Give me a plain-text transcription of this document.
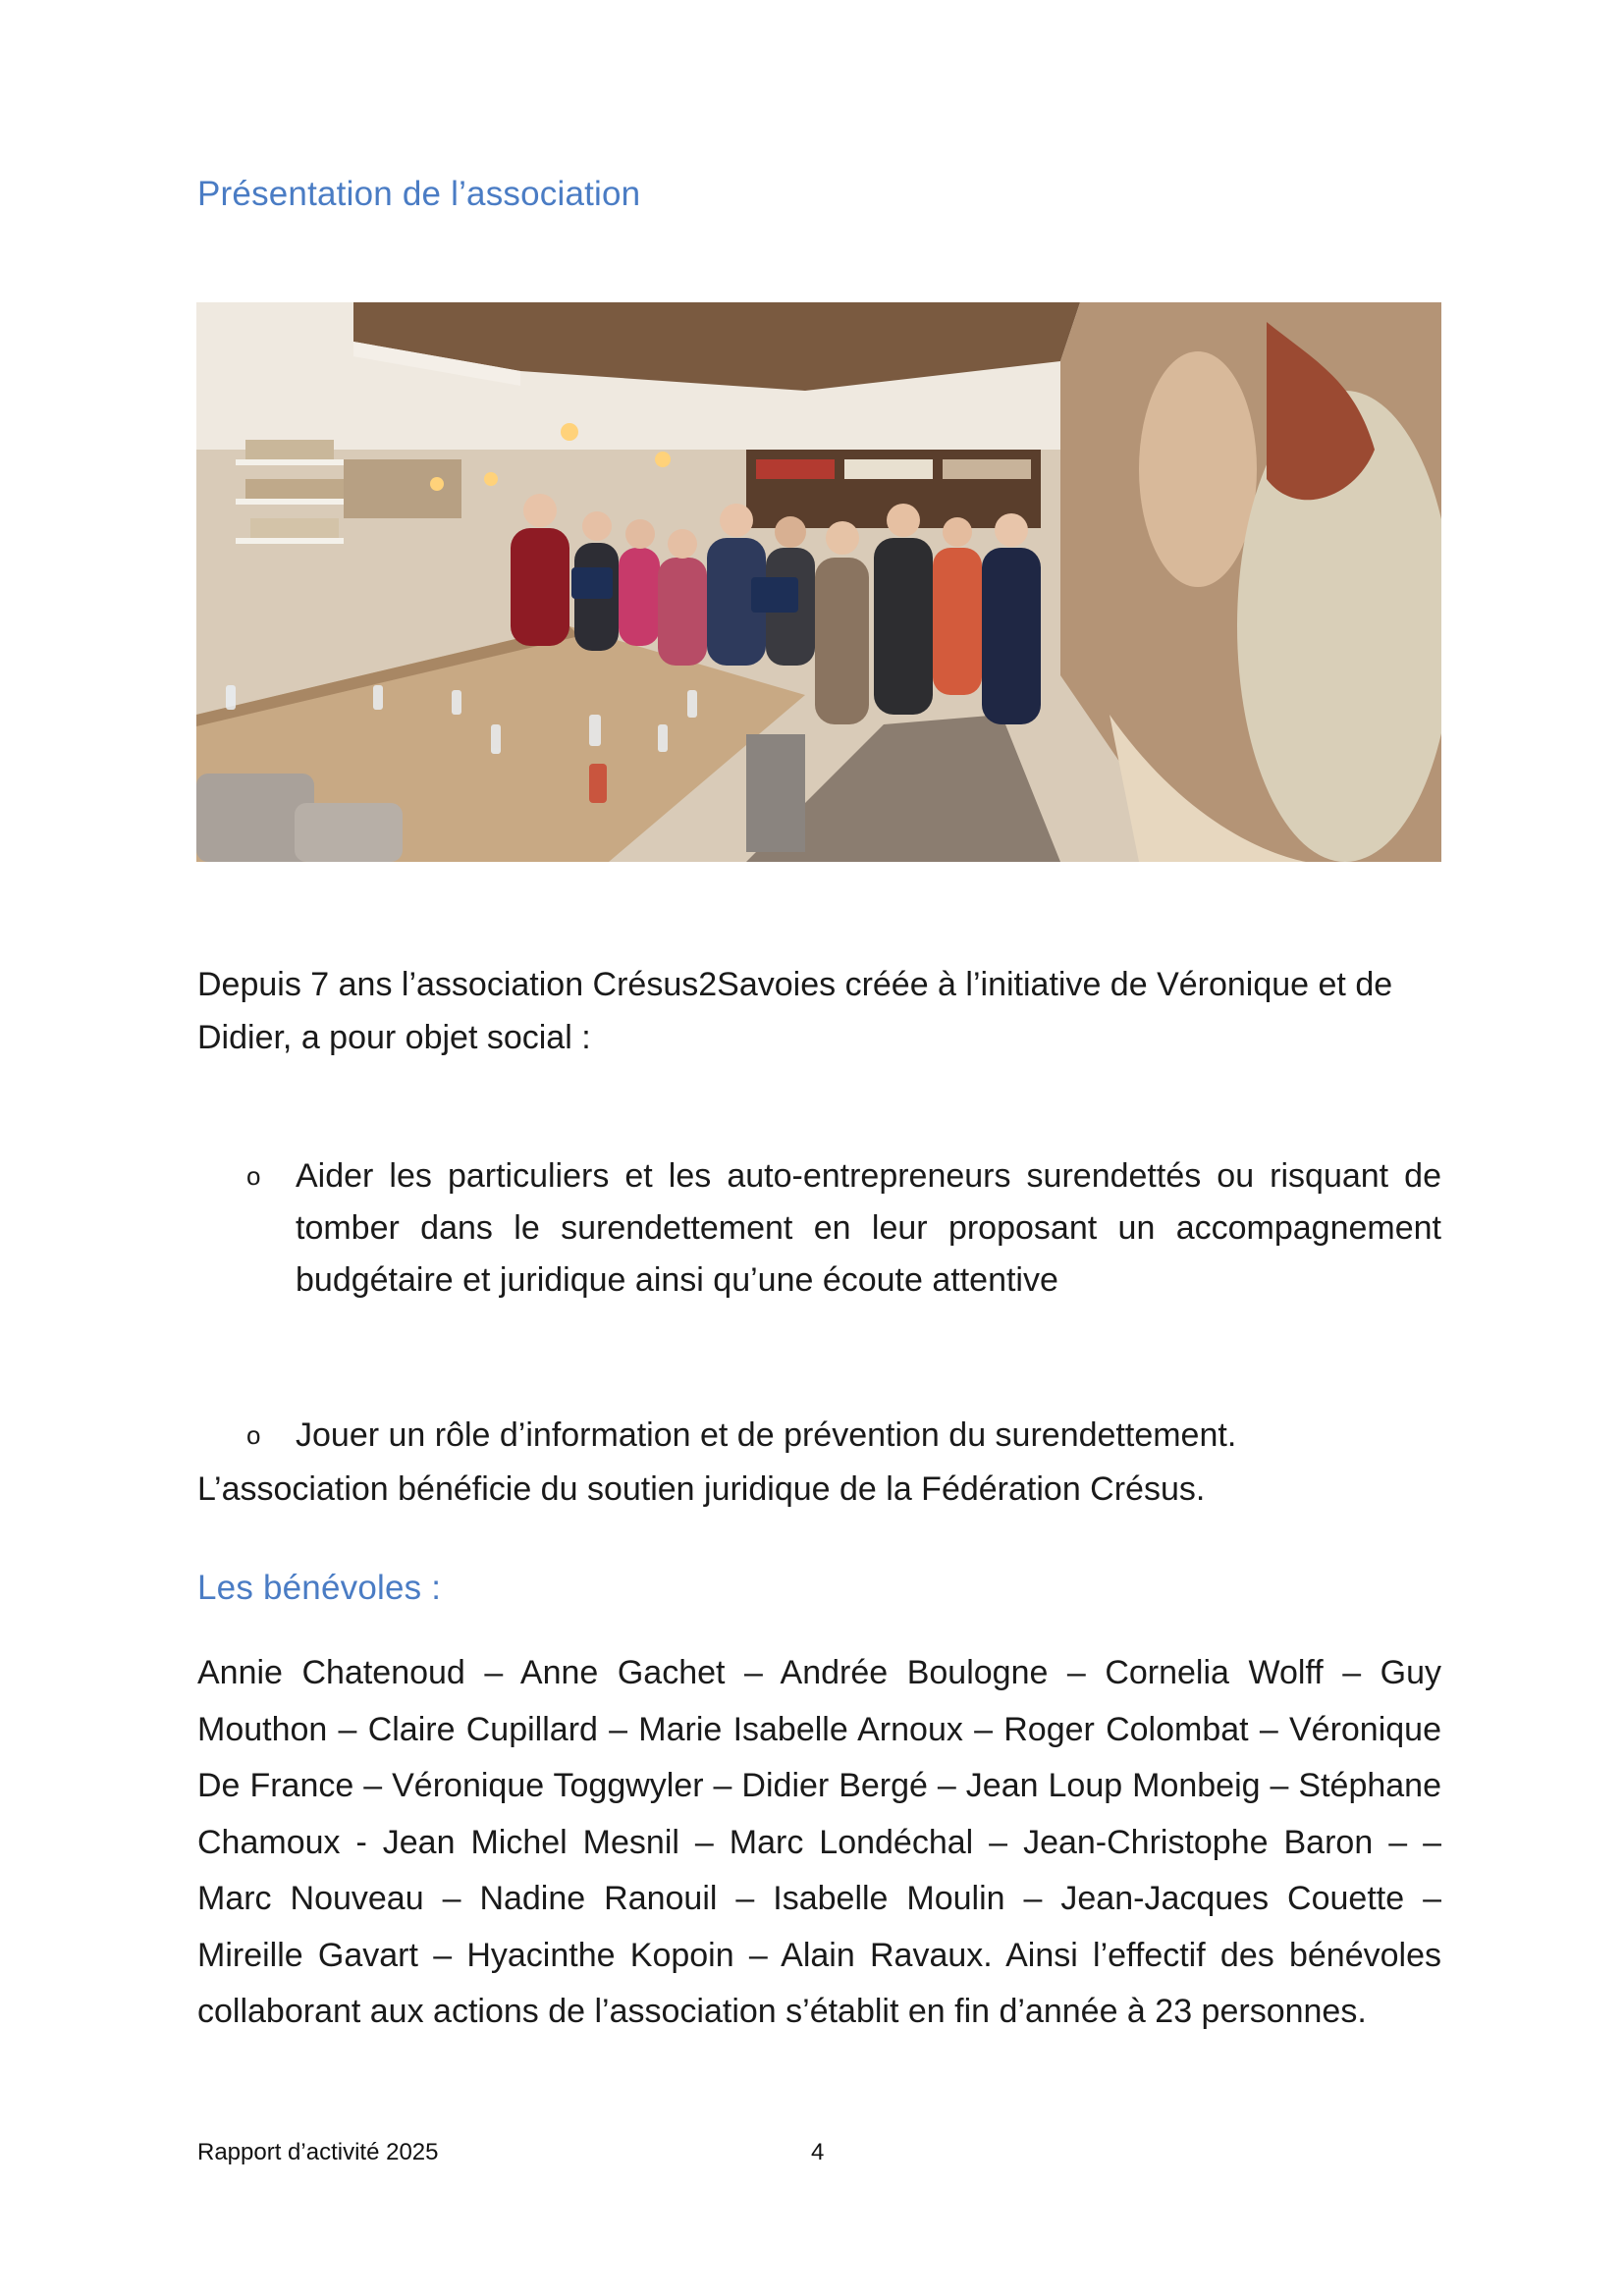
Présentation de l’association

Depuis 7 ans l’association Crésus2Savoies créée à l’initiative de Véronique et de Didier, a pour objet social :

o Aider les particuliers et les auto-entrepreneurs surendettés ou risquant de tomber dans le surendettement en leur proposant un accompagnement budgétaire et juridique ainsi qu’une écoute attentive
o Jouer un rôle d’information et de prévention du surendettement.

L’association bénéficie du soutien juridique de la Fédération Crésus.

Les bénévoles :

Annie Chatenoud – Anne Gachet – Andrée Boulogne – Cornelia Wolff – Guy Mouthon – Claire Cupillard – Marie Isabelle Arnoux – Roger Colombat – Véronique De France – Véronique Toggwyler – Didier Bergé – Jean Loup Monbeig – Stéphane Chamoux - Jean Michel Mesnil – Marc Londéchal – Jean-Christophe Baron – – Marc Nouveau – Nadine Ranouil – Isabelle Moulin – Jean-Jacques Couette – Mireille Gavart – Hyacinthe Kopoin – Alain Ravaux. Ainsi l’effectif des bénévoles collaborant aux actions de l’association s’établit en fin d’année à 23 personnes.

Rapport d’activité 2025	4
